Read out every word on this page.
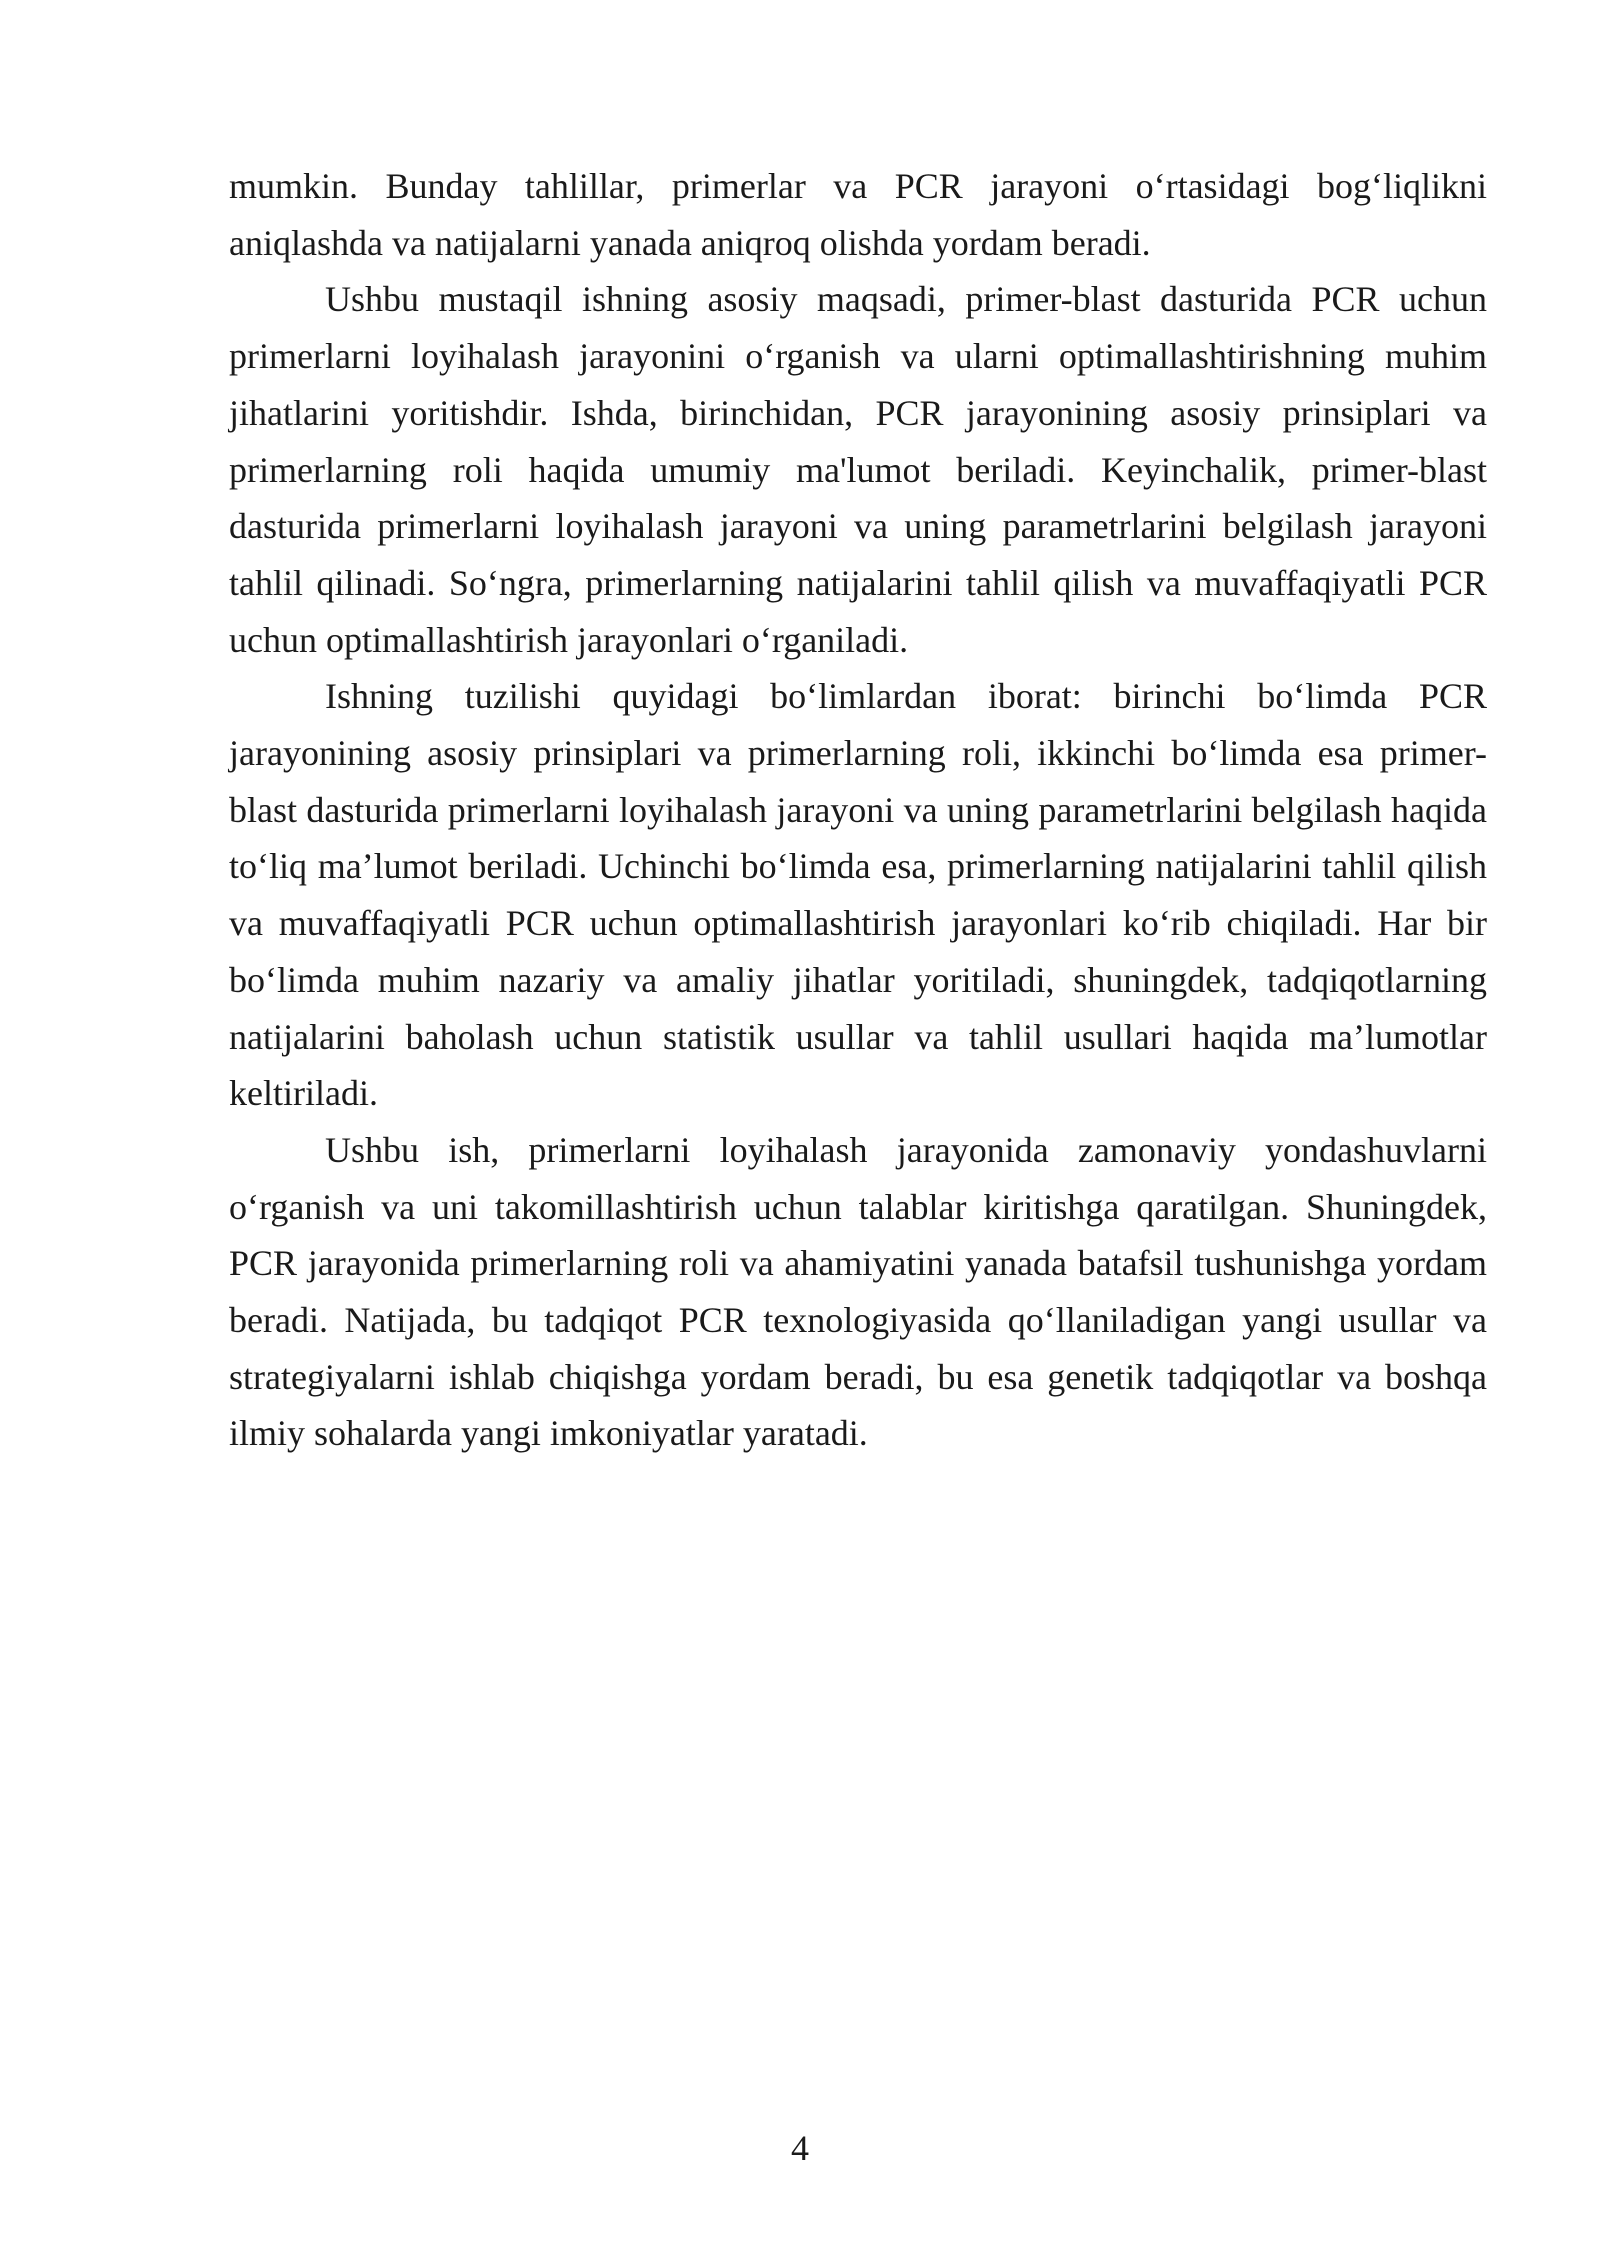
mumkin. Bunday tahlillar, primerlar va PCR jarayoni o‘rtasidagi bog‘liqlikni aniqlashda va natijalarni yanada aniqroq olishda yordam beradi.

Ushbu mustaqil ishning asosiy maqsadi, primer-blast dasturida PCR uchun primerlarni loyihalash jarayonini o‘rganish va ularni optimallashtirishning muhim jihatlarini yoritishdir. Ishda, birinchidan, PCR jarayonining asosiy prinsiplari va primerlarning roli haqida umumiy ma'lumot beriladi. Keyinchalik, primer-blast dasturida primerlarni loyihalash jarayoni va uning parametrlarini belgilash jarayoni tahlil qilinadi. So‘ngra, primerlarning natijalarini tahlil qilish va muvaffaqiyatli PCR uchun optimallashtirish jarayonlari o‘rganiladi.

Ishning tuzilishi quyidagi bo‘limlardan iborat: birinchi bo‘limda PCR jarayonining asosiy prinsiplari va primerlarning roli, ikkinchi bo‘limda esa primer-blast dasturida primerlarni loyihalash jarayoni va uning parametrlarini belgilash haqida to‘liq ma’lumot beriladi. Uchinchi bo‘limda esa, primerlarning natijalarini tahlil qilish va muvaffaqiyatli PCR uchun optimallashtirish jarayonlari ko‘rib chiqiladi. Har bir bo‘limda muhim nazariy va amaliy jihatlar yoritiladi, shuningdek, tadqiqotlarning natijalarini baholash uchun statistik usullar va tahlil usullari haqida ma’lumotlar keltiriladi.

Ushbu ish, primerlarni loyihalash jarayonida zamonaviy yondashuvlarni o‘rganish va uni takomillashtirish uchun talablar kiritishga qaratilgan. Shuningdek, PCR jarayonida primerlarning roli va ahamiyatini yanada batafsil tushunishga yordam beradi. Natijada, bu tadqiqot PCR texnologiyasida qo‘llaniladigan yangi usullar va strategiyalarni ishlab chiqishga yordam beradi, bu esa genetik tadqiqotlar va boshqa ilmiy sohalarda yangi imkoniyatlar yaratadi.

4
